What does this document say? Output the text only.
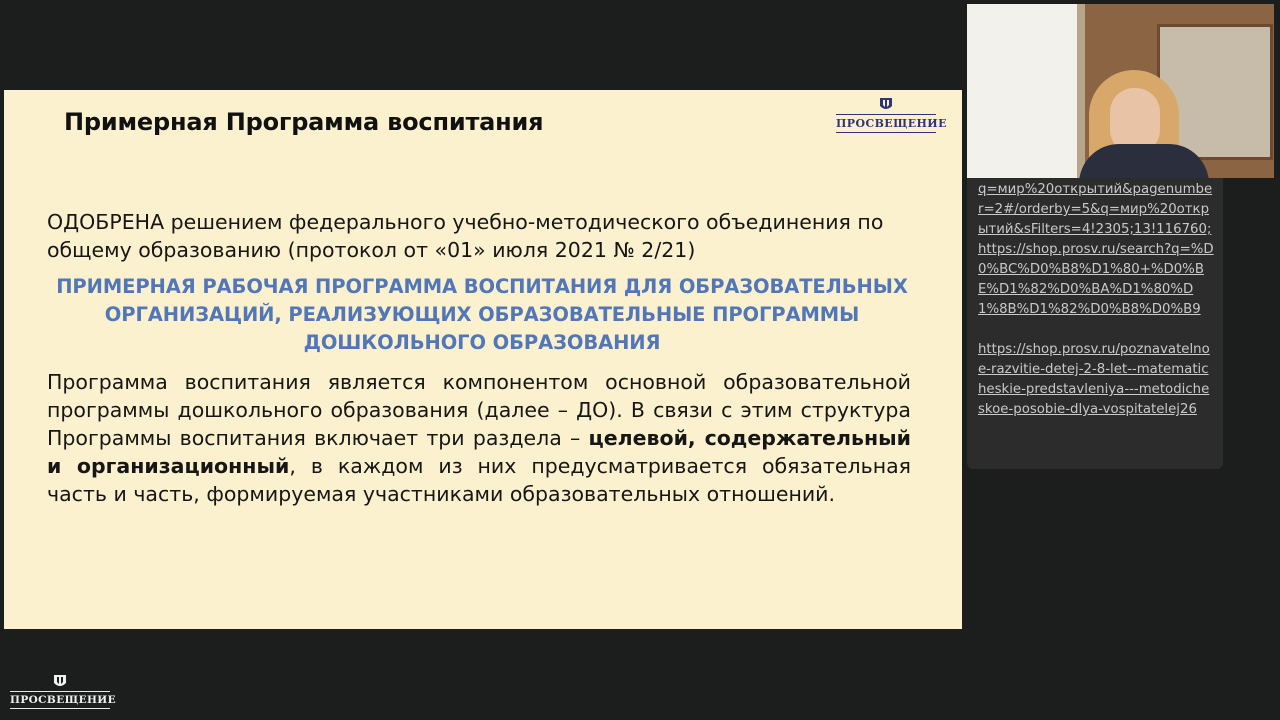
Примерная Программа воспитания	ПРОСВЕЩЕНИЕ
ОДОБРЕНА решением федерального учебно-методического объединения по общему образованию (протокол от «01» июля 2021 № 2/21)
ПРИМЕРНАЯ РАБОЧАЯ ПРОГРАММА ВОСПИТАНИЯ ДЛЯ ОБРАЗОВАТЕЛЬНЫХ ОРГАНИЗАЦИЙ, РЕАЛИЗУЮЩИХ ОБРАЗОВАТЕЛЬНЫЕ ПРОГРАММЫ ДОШКОЛЬНОГО ОБРАЗОВАНИЯ
Программа воспитания является компонентом основной образовательной программы дошкольного образования (далее – ДО). В связи с этим структура Программы воспитания включает три раздела – целевой, содержательный и организационный, в каждом из них предусматривается обязательная часть и часть, формируемая участниками образовательных отношений.
q=мир%20открытий&pagenumber=2#/orderby=5&q=мир%20открытий&sFilters=4!2305;13!116760;
https://shop.prosv.ru/search?q=%D0%BC%D0%B8%D1%80+%D0%BE%D1%82%D0%BA%D1%80%D1%8B%D1%82%D0%B8%D0%B9
https://shop.prosv.ru/poznavatelnoe-razvitie-detej-2-8-let--matematicheskie-predstavleniya---metodicheskoe-posobie-dlya-vospitatelej26
ПРОСВЕЩЕНИЕ
